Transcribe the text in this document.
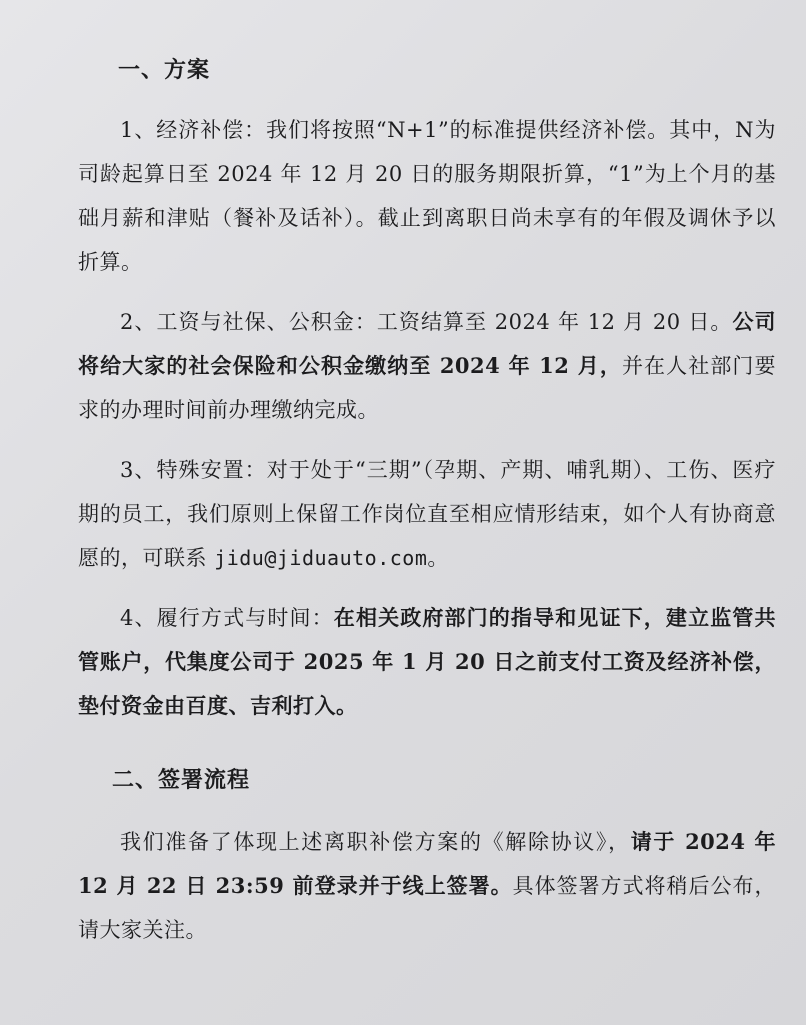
一、方案

1、经济补偿：我们将按照“N+1”的标准提供经济补偿。其中，N为司龄起算日至 2024 年 12 月 20 日的服务期限折算，“1”为上个月的基础月薪和津贴（餐补及话补）。截止到离职日尚未享有的年假及调休予以折算。

2、工资与社保、公积金：工资结算至 2024 年 12 月 20 日。公司将给大家的社会保险和公积金缴纳至 2024 年 12 月，并在人社部门要求的办理时间前办理缴纳完成。

3、特殊安置：对于处于“三期”（孕期、产期、哺乳期）、工伤、医疗期的员工，我们原则上保留工作岗位直至相应情形结束，如个人有协商意愿的，可联系 jidu@jiduauto.com。

4、履行方式与时间：在相关政府部门的指导和见证下，建立监管共管账户，代集度公司于 2025 年 1 月 20 日之前支付工资及经济补偿，垫付资金由百度、吉利打入。

二、签署流程

我们准备了体现上述离职补偿方案的《解除协议》，请于 2024 年 12 月 22 日 23:59 前登录并于线上签署。具体签署方式将稍后公布，请大家关注。
